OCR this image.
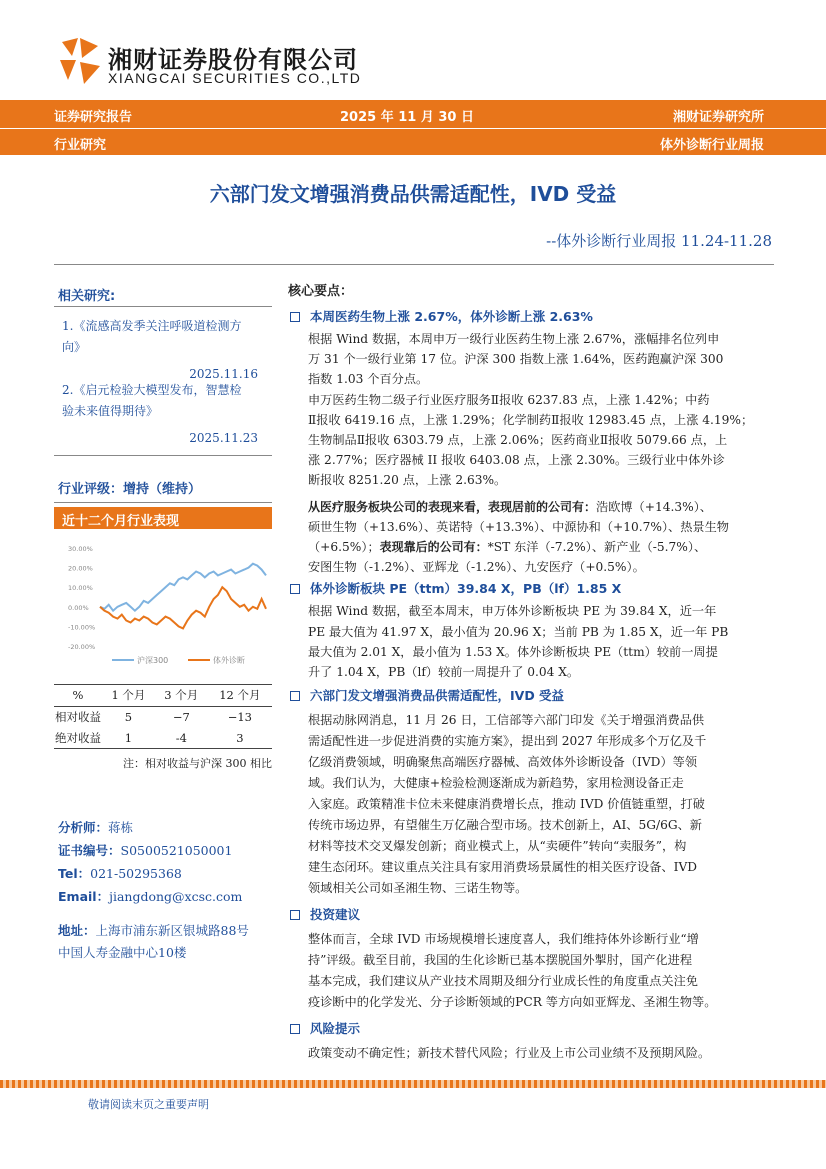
湘财证券股份有限公司
XIANGCAI SECURITIES CO.,LTD
证券研究报告	2025 年 11 月 30 日	湘财证券研究所
行业研究	体外诊断行业周报
六部门发文增强消费品供需适配性，IVD 受益
--体外诊断行业周报 11.24-11.28
相关研究:
1.《流感高发季关注呼吸道检测方
向》
2025.11.16
2.《启元检验大模型发布，智慧检
验未来值得期待》
2025.11.23
行业评级：增持（维持）
近十二个月行业表现
30.00%
20.00%
10.00%
0.00%
-10.00%
-20.00%
沪深300	体外诊断
%	1 个月	3 个月	12 个月
相对收益	5	−7	−13
绝对收益	1	-4	3
注：相对收益与沪深 300 相比
分析师：蒋栋
证书编号：S0500521050001
Tel：021-50295368
Email：jiangdong@xcsc.com
地址：上海市浦东新区银城路88号
中国人寿金融中心10楼
核心要点：
本周医药生物上涨 2.67%，体外诊断上涨 2.63%
根据 Wind 数据，本周申万一级行业医药生物上涨 2.67%，涨幅排名位列申
万 31 个一级行业第 17 位。沪深 300 指数上涨 1.64%，医药跑赢沪深 300
指数 1.03 个百分点。
申万医药生物二级子行业医疗服务Ⅱ报收 6237.83 点，上涨 1.42%；中药
Ⅱ报收 6419.16 点，上涨 1.29%；化学制药Ⅱ报收 12983.45 点，上涨 4.19%；
生物制品Ⅱ报收 6303.79 点，上涨 2.06%；医药商业Ⅱ报收 5079.66 点，上
涨 2.77%；医疗器械 II 报收 6403.08 点，上涨 2.30%。三级行业中体外诊
断报收 8251.20 点，上涨 2.63%。
从医疗服务板块公司的表现来看，表现居前的公司有：浩欧博（+14.3%）、
硕世生物（+13.6%）、英诺特（+13.3%）、中源协和（+10.7%）、热景生物
（+6.5%）；表现靠后的公司有：*ST 东洋（-7.2%）、新产业（-5.7%）、
安图生物（-1.2%）、亚辉龙（-1.2%）、九安医疗（+0.5%）。
体外诊断板块 PE（ttm）39.84 X，PB（lf）1.85 X
根据 Wind 数据，截至本周末，申万体外诊断板块 PE 为 39.84 X，近一年
PE 最大值为 41.97 X，最小值为 20.96 X；当前 PB 为 1.85 X，近一年 PB
最大值为 2.01 X，最小值为 1.53 X。体外诊断板块 PE（ttm）较前一周提
升了 1.04 X，PB（lf）较前一周提升了 0.04 X。
六部门发文增强消费品供需适配性，IVD 受益
根据动脉网消息，11 月 26 日，工信部等六部门印发《关于增强消费品供
需适配性进一步促进消费的实施方案》，提出到 2027 年形成多个万亿及千
亿级消费领域，明确聚焦高端医疗器械、高效体外诊断设备（IVD）等领
域。我们认为，大健康+检验检测逐渐成为新趋势，家用检测设备正走
入家庭。政策精准卡位未来健康消费增长点，推动 IVD 价值链重塑，打破
传统市场边界，有望催生万亿融合型市场。技术创新上，AI、5G/6G、新
材料等技术交叉爆发创新；商业模式上，从“卖硬件”转向“卖服务”，构
建生态闭环。建议重点关注具有家用消费场景属性的相关医疗设备、IVD
领域相关公司如圣湘生物、三诺生物等。
投资建议
整体而言，全球 IVD 市场规模增长速度喜人，我们维持体外诊断行业“增
持”评级。截至目前，我国的生化诊断已基本摆脱国外掣肘，国产化进程
基本完成，我们建议从产业技术周期及细分行业成长性的角度重点关注免
疫诊断中的化学发光、分子诊断领域的PCR 等方向如亚辉龙、圣湘生物等。
风险提示
政策变动不确定性；新技术替代风险；行业及上市公司业绩不及预期风险。
敬请阅读末页之重要声明
